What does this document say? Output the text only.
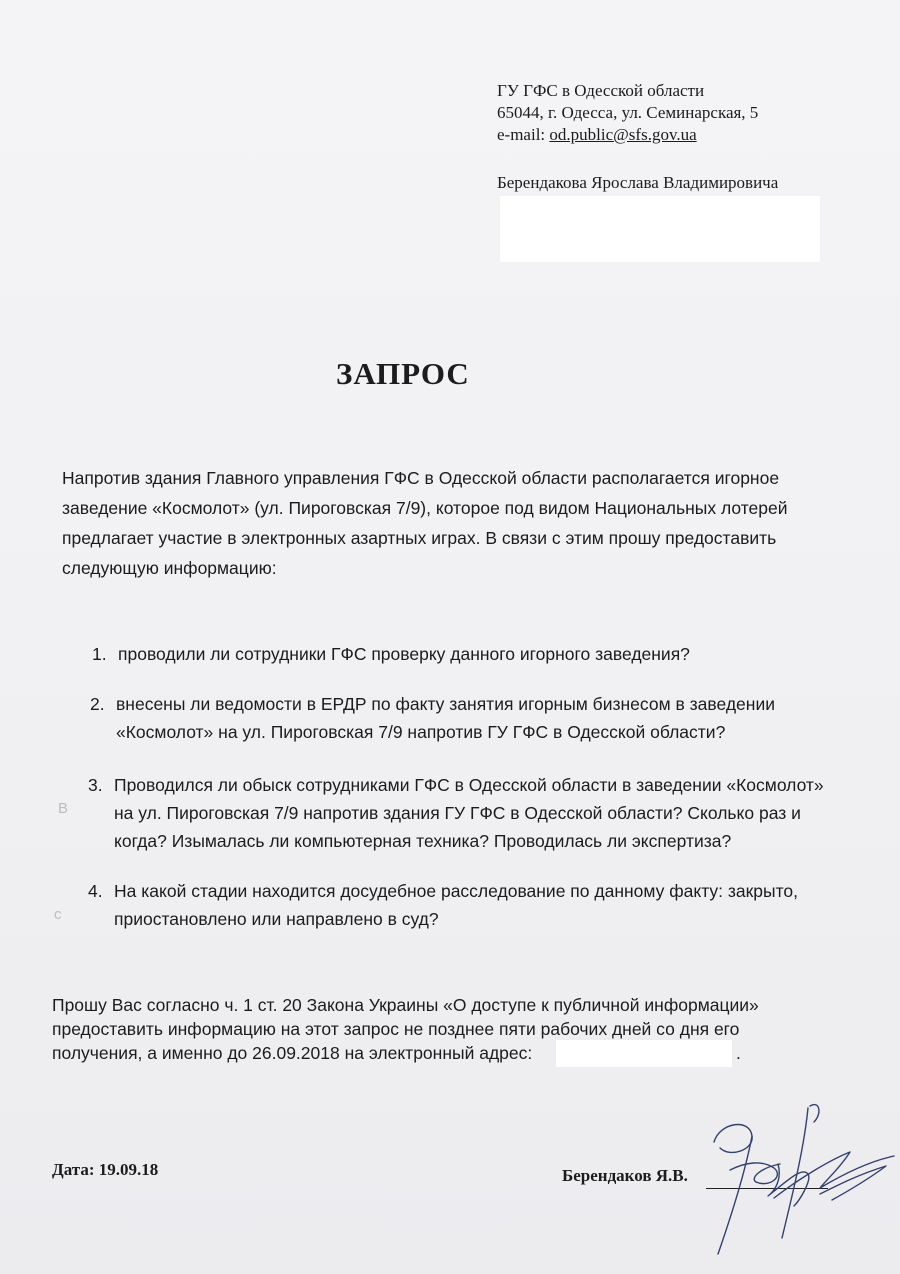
В
с
ГУ ГФС в Одесской области
65044, г. Одесса, ул. Семинарская, 5
e-mail: od.public@sfs.gov.ua
Берендакова Ярослава Владимировича
ЗАПРОС
Напротив здания Главного управления ГФС в Одесской области располагается игорное
заведение «Космолот» (ул. Пироговская 7/9), которое под видом Национальных лотерей
предлагает участие в электронных азартных играх. В связи с этим прошу предоставить
следующую информацию:
1. проводили ли сотрудники ГФС проверку данного игорного заведения?
2. внесены ли ведомости в ЕРДР по факту занятия игорным бизнесом в заведении
«Космолот» на ул. Пироговская 7/9 напротив ГУ ГФС в Одесской области?
3. Проводился ли обыск сотрудниками ГФС в Одесской области в заведении «Космолот»
на ул. Пироговская 7/9 напротив здания ГУ ГФС в Одесской области? Сколько раз и
когда? Изымалась ли компьютерная техника? Проводилась ли экспертиза?
4. На какой стадии находится досудебное расследование по данному факту: закрыто,
приостановлено или направлено в суд?
Прошу Вас согласно ч. 1 ст. 20 Закона Украины «О доступе к публичной информации»
предоставить информацию на этот запрос не позднее пяти рабочих дней со дня его
получения, а именно до 26.09.2018 на электронный адрес:	.
Дата: 19.09.18	Берендаков Я.В.
